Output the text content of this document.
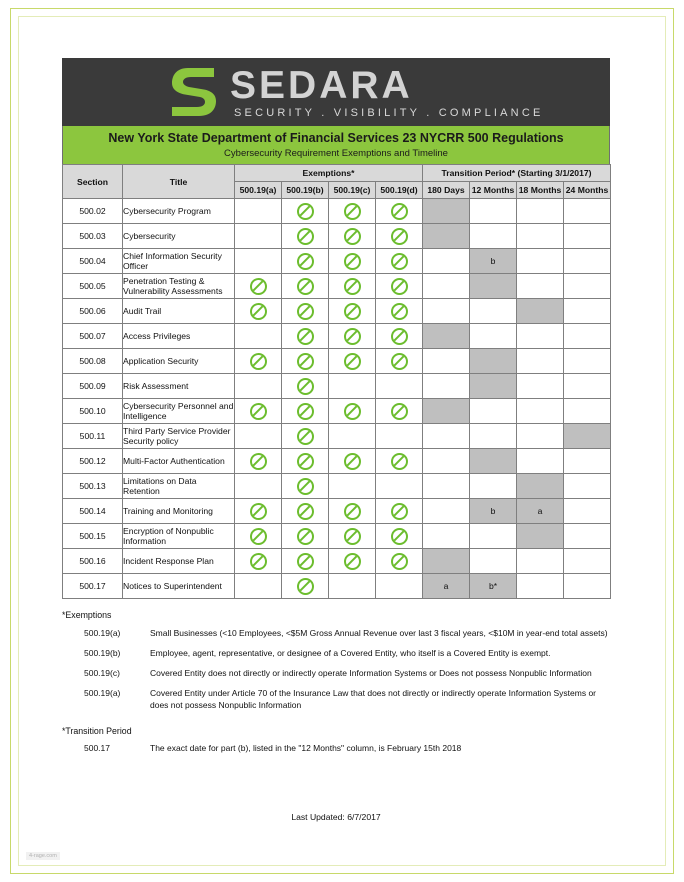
SEDARA
SECURITY . VISIBILITY . COMPLIANCE
New York State Department of Financial Services 23 NYCRR 500 Regulations
Cybersecurity Requirement Exemptions and Timeline
Section	Title	Exemptions*				Transition Period* (Starting 3/1/2017)			
		500.19(a)	500.19(b)	500.19(c)	500.19(d)	180 Days	12 Months	18 Months	24 Months
500.02	Cybersecurity Program								
500.03	Cybersecurity								
500.04	Chief Information Security Officer						b		
500.05	Penetration Testing & Vulnerability Assessments								
500.06	Audit Trail								
500.07	Access Privileges								
500.08	Application Security								
500.09	Risk Assessment								
500.10	Cybersecurity Personnel and Intelligence								
500.11	Third Party Service Provider Security policy								
500.12	Multi-Factor Authentication								
500.13	Limitations on Data Retention								
500.14	Training and Monitoring						b	a	
500.15	Encryption of Nonpublic Information								
500.16	Incident Response Plan								
500.17	Notices to Superintendent					a	b*		
*Exemptions
500.19(a)	Small Businesses (<10 Employees, <$5M Gross Annual Revenue over last 3 fiscal years, <$10M in year-end total assets)
500.19(b)	Employee, agent, representative, or designee of a Covered Entity, who itself is a Covered Entity is exempt.
500.19(c)	Covered Entity does not directly or indirectly operate Information Systems or Does not possess Nonpublic Information
500.19(a)	Covered Entity under Article 70 of the Insurance Law that does not directly or indirectly operate Information Systems or does not possess Nonpublic Information
*Transition Period
500.17	The exact date for part (b), listed in the "12 Months" column, is February 15th 2018
Last Updated: 6/7/2017
4-rage.com
